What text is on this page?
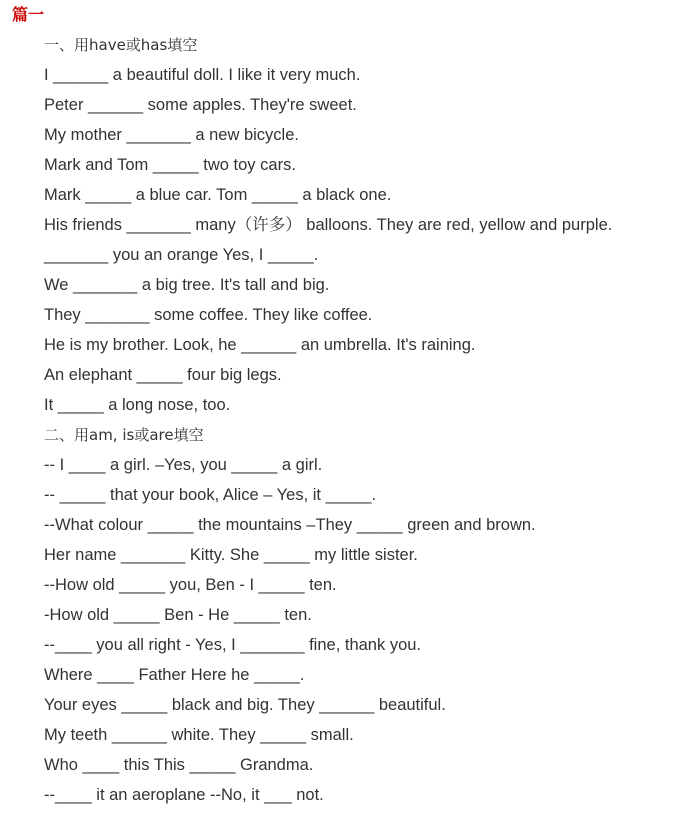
篇一
一、用have或has填空
I ______ a beautiful doll. I like it very much.
Peter ______ some apples. They're sweet.
My mother _______ a new bicycle.
Mark and Tom _____ two toy cars.
Mark _____ a blue car. Tom _____ a black one.
His friends _______ many（许多） balloons. They are red, yellow and purple.
_______ you an orange Yes, I _____.
We _______ a big tree. It's tall and big.
They _______ some coffee. They like coffee.
He is my brother. Look, he ______ an umbrella. It's raining.
An elephant _____ four big legs.
It _____ a long nose, too.
二、用am, is或are填空
-- I ____ a girl. –Yes, you _____ a girl.
-- _____ that your book, Alice – Yes, it _____.
--What colour _____ the mountains –They _____ green and brown.
Her name _______ Kitty. She _____ my little sister.
--How old _____ you, Ben - I _____ ten.
-How old _____ Ben - He _____ ten.
--____ you all right - Yes, I _______ fine, thank you.
Where ____ Father Here he _____.
Your eyes _____ black and big. They ______ beautiful.
My teeth ______ white. They _____ small.
Who ____ this This _____ Grandma.
--____ it an aeroplane --No, it ___ not.
